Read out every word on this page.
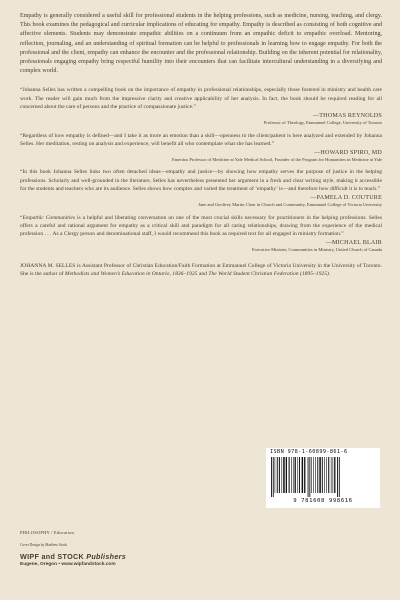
Empathy is generally considered a useful skill for professional students in the helping professions, such as medicine, nursing, teaching, and clergy. This book examines the pedagogical and curricular implications of educating for empathy. Empathy is described as consisting of both cognitive and affective elements. Students may demonstrate empathic abilities on a continuum from an empathic deficit to empathic overload. Mentoring, reflection, journaling, and an understanding of spiritual formation can be helpful to professionals in learning how to engage empathy. For both the professional and the client, empathy can enhance the encounter and the professional relationship. Building on the inherent potential for relationality, professionals engaging empathy bring respectful humility into their encounters that can facilitate intercultural understanding in a diversifying and complex world.

“Johanna Selles has written a compelling book on the importance of empathy in professional relationships, especially those fostered in ministry and health care work. The reader will gain much from the impressive clarity and creative applicability of her analysis. In fact, the book should be required reading for all concerned about the care of persons and the practice of compassionate justice.”

—THOMAS REYNOLDS

Professor of Theology, Emmanuel College, University of Toronto

“Regardless of how empathy is defined—and I take it as more an emotion than a skill—openness to the client/patient is here analyzed and extended by Johanna Selles. Her meditation, resting on analysis and experience, will benefit all who contemplate what she has learned.”

—HOWARD SPIRO, MD

Emeritus Professor of Medicine at Yale Medical School, Founder of the Program for Humanities in Medicine at Yale

“In this book Johanna Selles links two often detached ideas—empathy and justice—by showing how empathy serves the purpose of justice in the helping professions. Scholarly and well-grounded in the literature, Selles has nevertheless presented her argument in a fresh and clear writing style, making it accessible for the students and teachers who are its audience. Selles shows how complex and varied the treatment of ‘empathy’ is—and therefore how difficult it is to teach.”

—PAMELA D. COUTURE

Jane and Geoffrey Martin Chair in Church and Community, Emmanuel College of Victoria University

“Empathic Communities is a helpful and liberating conversation on one of the most crucial skills necessary for practitioners in the helping professions. Selles offers a careful and rational argument for empathy as a critical skill and paradigm for all caring relationships, drawing from the experience of the medical profession . . . As a Clergy person and denominational staff, I would recommend this book as required text for all engaged in ministry formation.”

—MICHAEL BLAIR

Executive Minister, Communities in Ministry, United Church of Canada

JOHANNA M. SELLES is Assistant Professor of Christian Education/Faith Formation at Emmanuel College of Victoria University in the University of Toronto. She is the author of Methodists and Women’s Education in Ontario, 1836–1925 and The World Student Christian Federation (1895–1925).

ISBN 978-1-60899-861-6
9 781608 998616
PHILOSOPHY / Education
Cover Design by Matthew Stock
WIPF and STOCK Publishers
Eugene, Oregon • www.wipfandstock.com
